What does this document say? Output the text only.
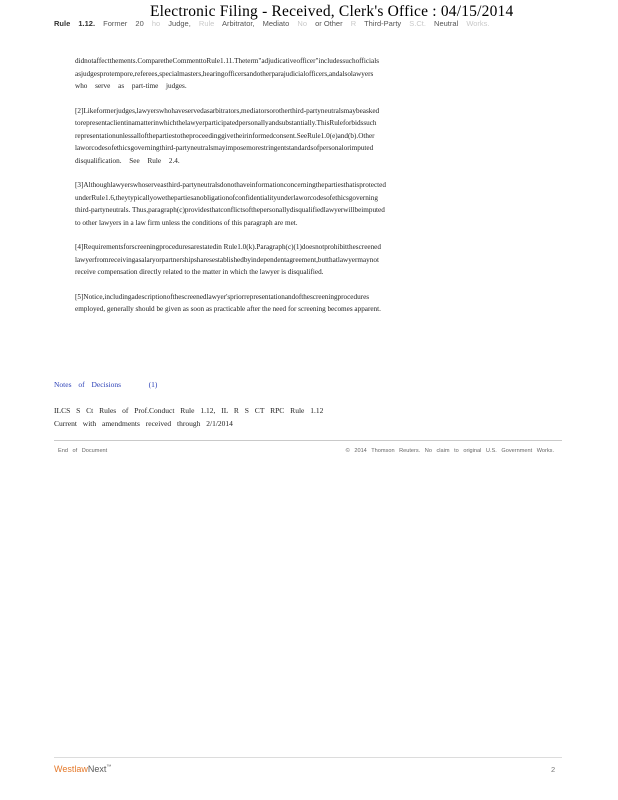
Electronic Filing - Received, Clerk's Office : 04/15/2014
Rule 1.12. Former 20 ho Judge, Rule Arbitrator, Mediato No or Other R Third-Party S.Ct. Neutral Works.
didnotaffectthements.ComparetheCommenttoRule1.11.Theterm"adjudicativeofficer"includessuchofficials
asjudgesprotempore,referees,specialmasters,hearingofficersandotherparajudicialofficers,andalsolawyers
who serve as part-time judges.
[2]Likeformerjudges,lawyerswhohaveservedasarbitrators,mediatorsorotherthird-partyneutralsmaybeasked
torepresentaclientinamatterinwhichthelawyerparticipatedpersonallyandsubstantially.ThisRuleforbidssuch
representationunlessallofthepartiestotheproceedinggivetheirinformedconsent.SeeRule1.0(e)and(b).Other
laworcodesofethicsgoverningthird-partyneutralsmayimposemorestringentstandardsofpersonalorimputed
disqualification. See Rule 2.4.
[3]Althoughlawyerswhoserveasthird-partyneutralsdonothaveinformationconcerningthepartiesthatisprotected
underRule1.6,theytypicallyowethepartiesanobligationofconfidentialityunderlaworcodesofethicsgoverning
third-partyneutrals. Thus,paragraph(c)providesthatconflictsofthepersonallydisqualifiedlawyerwillbeimputed
to other lawyers in a law firm unless the conditions of this paragraph are met.
[4]Requirementsforscreeningproceduresarestatedin Rule1.0(k).Paragraph(c)(1)doesnotprohibitthescreened
lawyerfromreceivingasalaryorpartnershipsharesestablishedbyindependentagreement,butthatlawyermaynot
receive compensation directly related to the matter in which the lawyer is disqualified.
[5]Notice,includingadescriptionofthescreenedlawyer'spriorrepresentationandofthescreeningprocedures
employed, generally should be given as soon as practicable after the need for screening becomes apparent.
Notes of Decisions	(1)
ILCS S Ct Rules of Prof.Conduct Rule 1.12, IL R S CT RPC Rule 1.12
Current with amendments received through 2/1/2014
End of Document	© 2014 Thomson Reuters. No claim to original U.S. Government Works.
WestlawNext™	2
